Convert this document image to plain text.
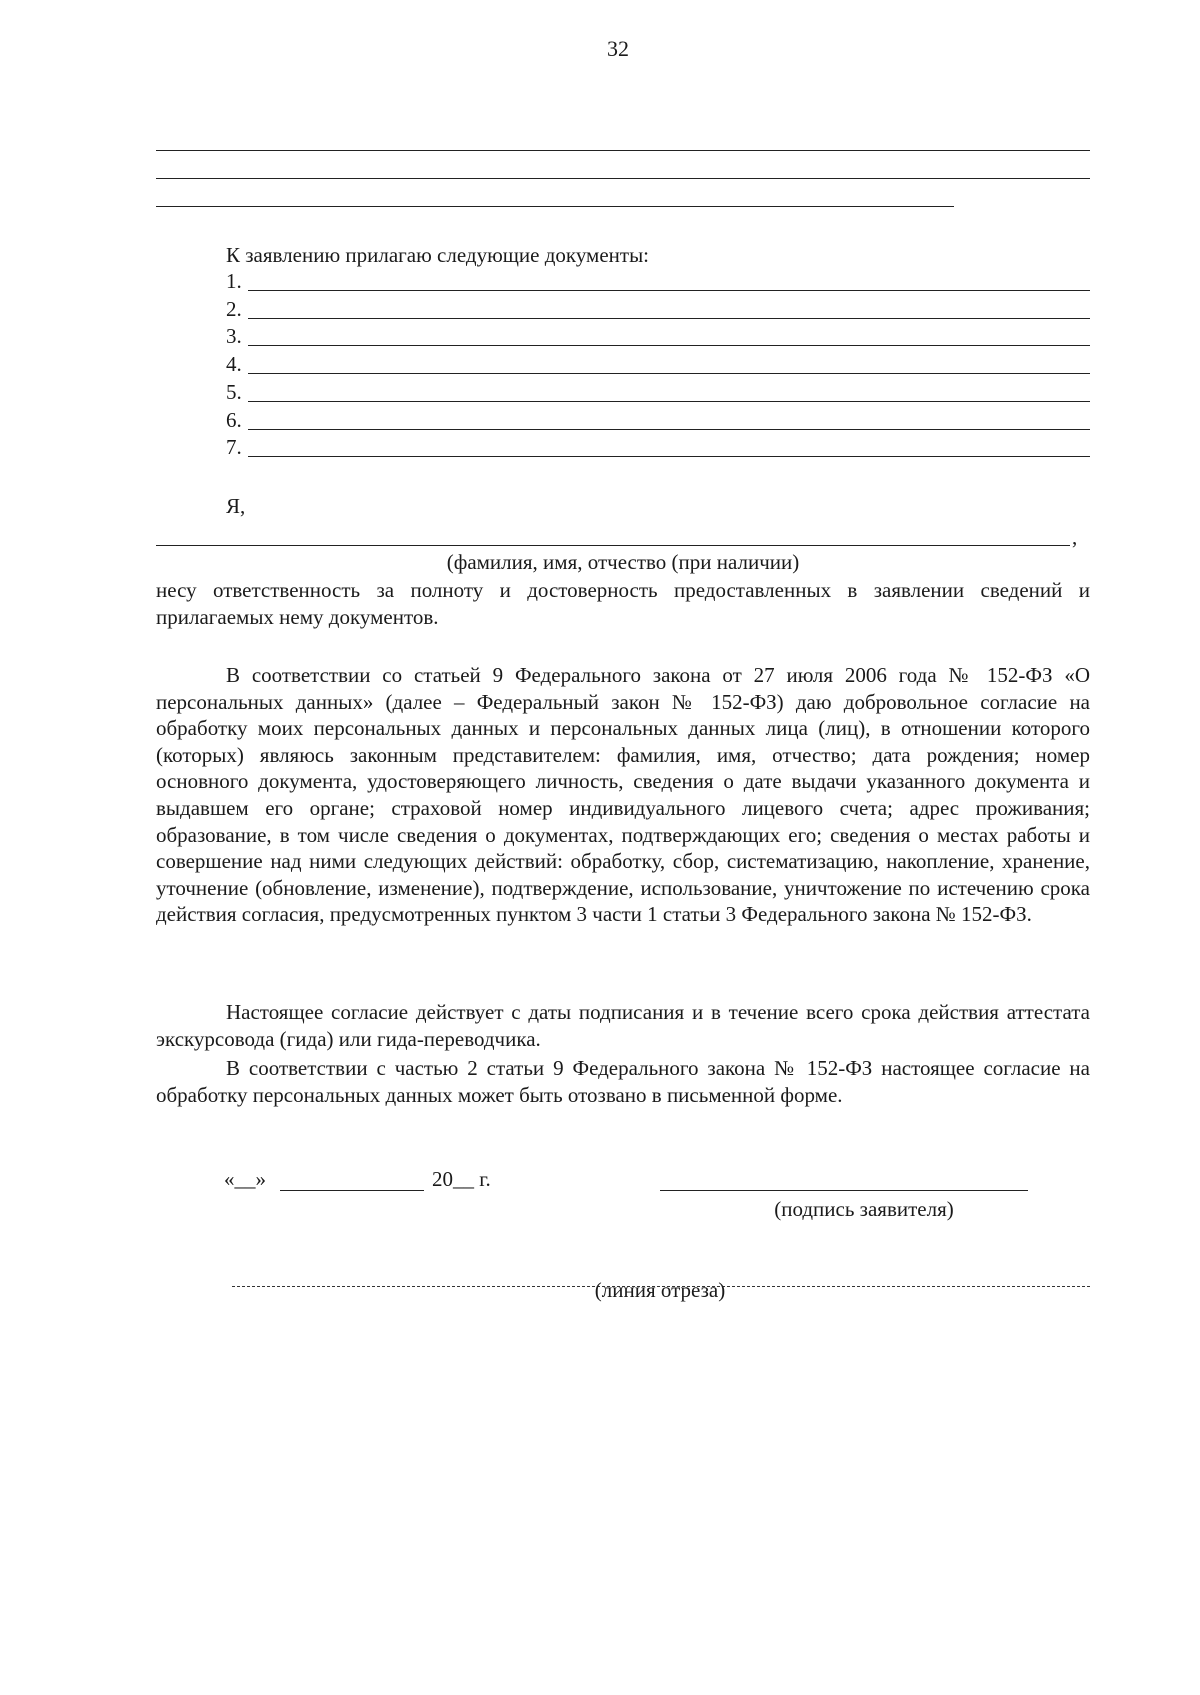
32
К заявлению прилагаю следующие документы:
1.
2.
3.
4.
5.
6.
7.
Я,
,
(фамилия, имя, отчество (при наличии)
несу ответственность за полноту и достоверность предоставленных в заявлении сведений и прилагаемых нему документов.
В соответствии со статьей 9 Федерального закона от 27 июля 2006 года № 152-ФЗ «О персональных данных» (далее – Федеральный закон № 152-ФЗ) даю добровольное согласие на обработку моих персональных данных и персональных данных лица (лиц), в отношении которого (которых) являюсь законным представителем: фамилия, имя, отчество; дата рождения; номер основного документа, удостоверяющего личность, сведения о дате выдачи указанного документа и выдавшем его органе; страховой номер индивидуального лицевого счета; адрес проживания; образование, в том числе сведения о документах, подтверждающих его; сведения о местах работы и совершение над ними следующих действий: обработку, сбор, систематизацию, накопление, хранение, уточнение (обновление, изменение), подтверждение, использование, уничтожение по истечению срока действия согласия, предусмотренных пунктом 3 части 1 статьи 3 Федерального закона № 152-ФЗ.
Настоящее согласие действует с даты подписания и в течение всего срока действия аттестата экскурсовода (гида) или гида-переводчика.
В соответствии с частью 2 статьи 9 Федерального закона № 152-ФЗ настоящее согласие на обработку персональных данных может быть отозвано в письменной форме.
«__»	20__ г.
(подпись заявителя)
(линия отреза)
